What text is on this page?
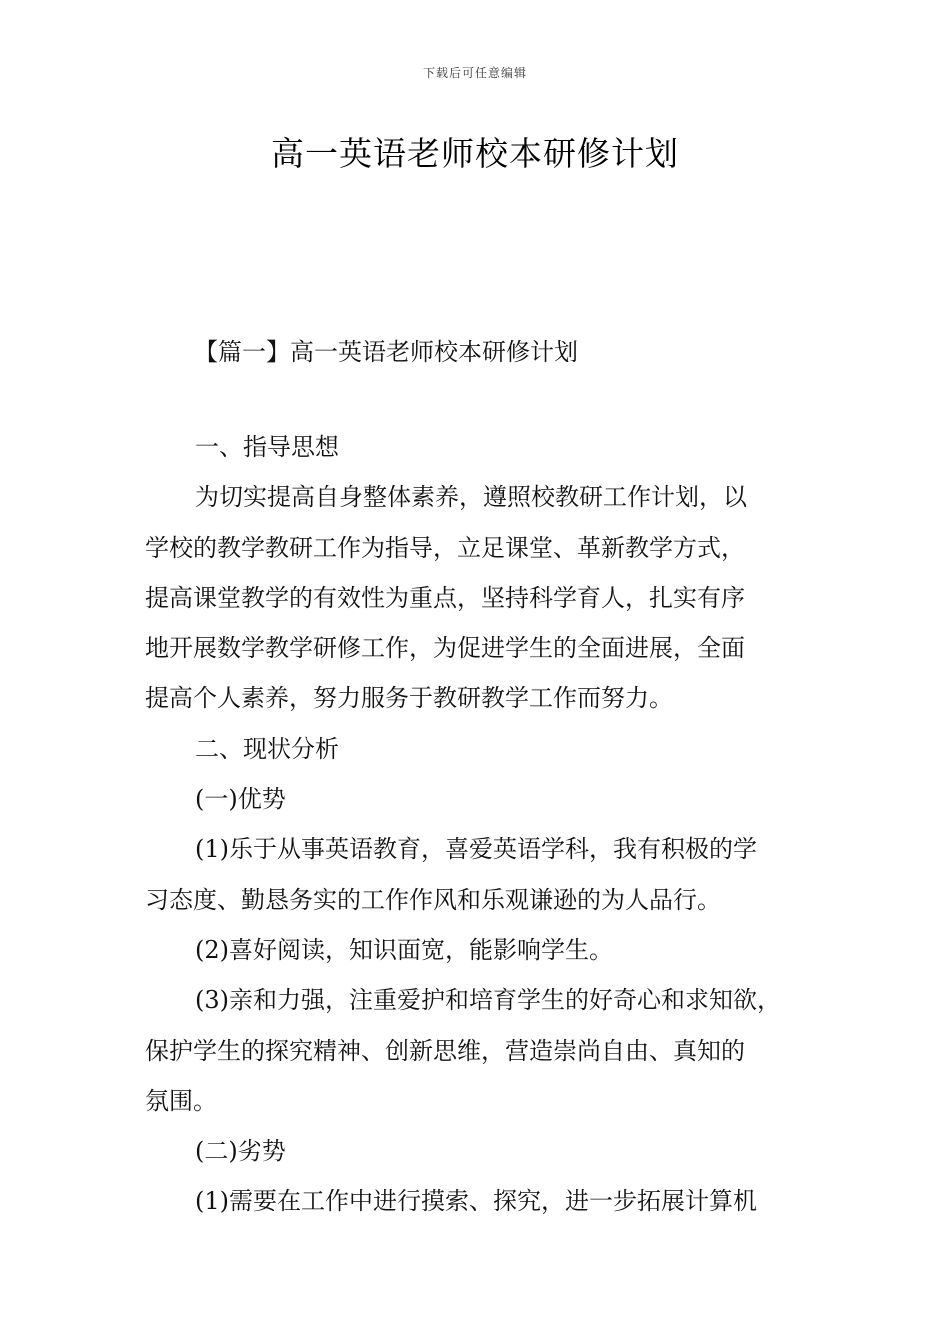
下载后可任意编辑
高一英语老师校本研修计划
【篇一】高一英语老师校本研修计划

一、指导思想

为切实提高自身整体素养，遵照校教研工作计划，以

学校的教学教研工作为指导，立足课堂、革新教学方式，

提高课堂教学的有效性为重点，坚持科学育人，扎实有序

地开展数学教学研修工作，为促进学生的全面进展，全面

提高个人素养，努力服务于教研教学工作而努力。

二、现状分析

(一)优势

(1)乐于从事英语教育，喜爱英语学科，我有积极的学

习态度、勤恳务实的工作作风和乐观谦逊的为人品行。

(2)喜好阅读，知识面宽，能影响学生。

(3)亲和力强，注重爱护和培育学生的好奇心和求知欲，

保护学生的探究精神、创新思维，营造崇尚自由、真知的

氛围。

(二)劣势

(1)需要在工作中进行摸索、探究，进一步拓展计算机
